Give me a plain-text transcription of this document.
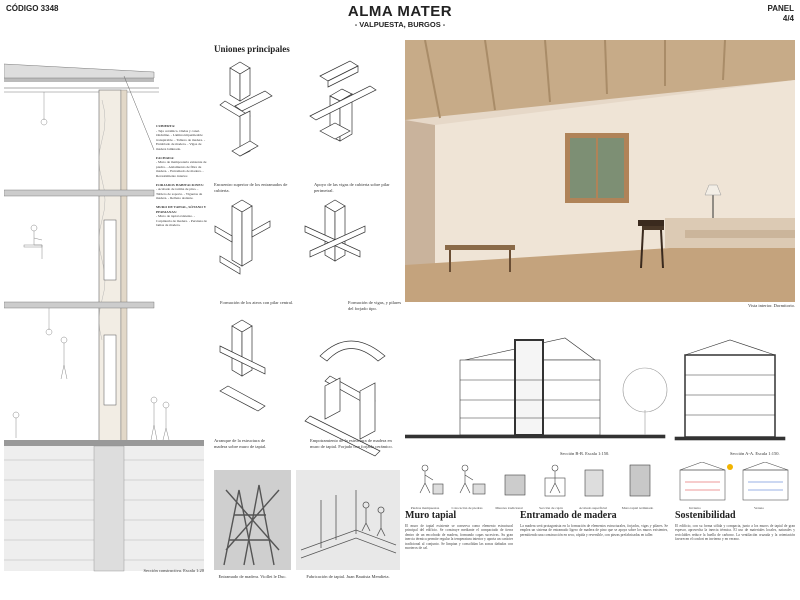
CÓDIGO 3348	ALMA MATER
- VALPUESTA, BURGOS -
PANEL
4/4
Sección constructiva. Escala 1:20
CUBIERTA:
- Teja cerámica. Ondas y canal. Onduline. - Lámina impermeable transpirable. - Tablero de madera. - Entablado de madera. - Vigas de madera laminada.
FACHADA:
- Muro de mampostería existente de piedra. - Aislamiento de fibra de madera. - Entramado de madera. - Revestimiento interior.
FORJADOS HABITACIONES:
- Acabado de tarima de pino. - Tablero de soporte. - Viguetas de madera. - Relleno aislante.
MURO DE TAPIAL, SÓTANO Y PERSIANAS:
- Muro de tapial existente. - Carpintería de madera. - Persiana de lamas de madera.
Uniones principales
Encuentro superior de los entramados de cubierta.
Apoyo de las vigas de cubierta sobre pilar perimetral.
Formación de los ateos con pilar central.	Formación de vigas, y pilares del forjado tipo.
Arranque de la estructura de madera sobre muro de tapial.
Empotramiento de la estructura de madera en muro de tapial. Forjado con forjado cerámico.
Entramado de madera. Viollet le Duc.	Fabricación de tapial. Juan Bautista Mendieta.
Vista interior. Dormitorio.
Sección B-B. Escala 1:150.	Sección A-A. Escala 1:150.
Piedras mampuestas	Colocación de piedras	Muretes tradicional	Sección de cajón	Acabado superficial	Muro tapial terminado	Invierno	Verano
Muro tapial
El muro de tapial existente se conserva como elemento estructural principal del edificio. Se construye mediante el compactado de tierra dentro de un encofrado de madera, formando capas sucesivas. Su gran inercia térmica permite regular la temperatura interior y aporta un carácter tradicional al conjunto. Se limpian y consolidan las zonas dañadas con morteros de cal.
Entramado de madera
La madera será protagonista en la formación de elementos estructurales, forjados, vigas y pilares. Se emplea un sistema de entramado ligero de madera de pino que se apoya sobre los muros existentes, permitiendo una construcción en seco, rápida y reversible, con piezas prefabricadas en taller.
Sostenibilidad
El edificio, con su forma sólida y compacta, junto a los muros de tapial de gran espesor, aprovecha la inercia térmica. El uso de materiales locales, naturales y reciclables reduce la huella de carbono. La ventilación cruzada y la orientación favorecen el confort en invierno y en verano.
